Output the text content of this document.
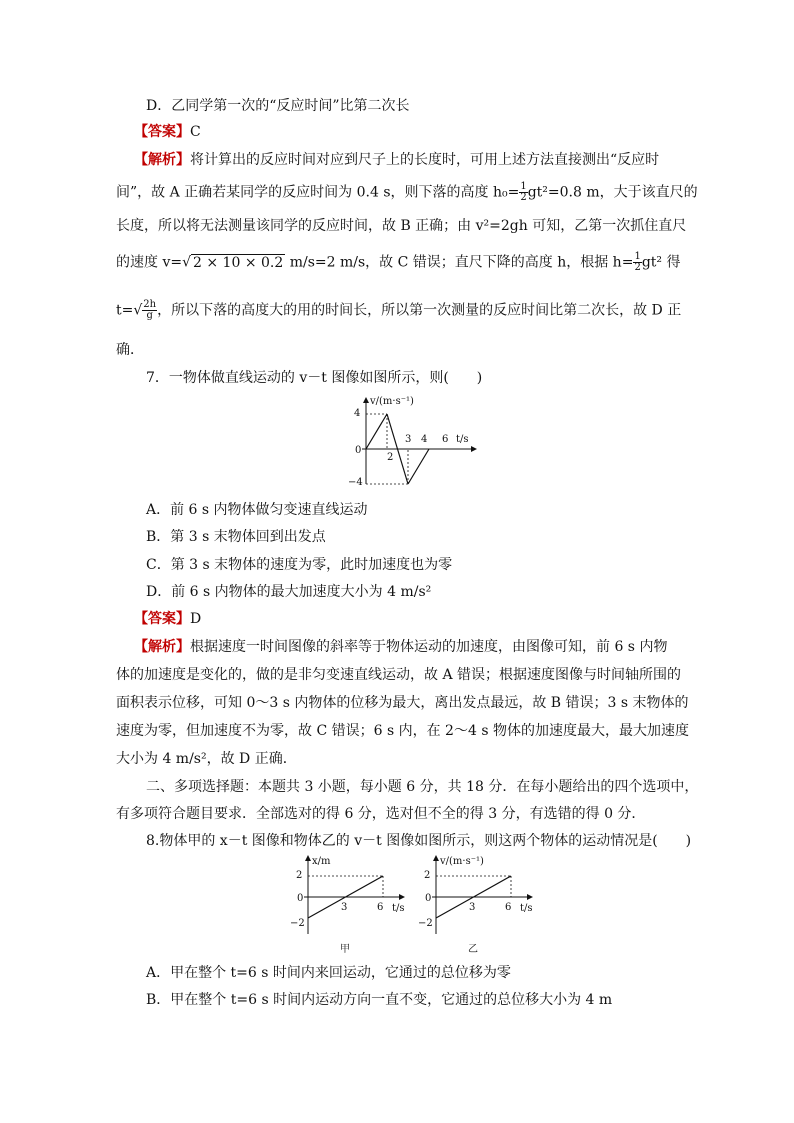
D．乙同学第一次的“反应时间”比第二次长
【答案】C
【解析】将计算出的反应时间对应到尺子上的长度时，可用上述方法直接测出“反应时
间”，故 A 正确若某同学的反应时间为 0.4 s，则下落的高度 $h_0= \frac{1}{2} gt^2=0.8$ m，大于该直尺的
长度，所以将无法测量该同学的反应时间，故 B 正确；由 v²=2gh 可知，乙第一次抓住直尺
的速度 v=√ 2 × 10 × 0.2 m/s=2 m/s，故 C 错误；直尺下降的高度 h，根据 $h= \frac{1}{2} gt^2$ 得
$t=√ \frac{2h}{g}$ ，所以下落的高度大的用的时间长，所以第一次测量的反应时间比第二次长，故 D 正
确．
7．一物体做直线运动的 v－t 图像如图所示，则(　　)
v/(m·s⁻¹)
t/s
4
−4
0
2
3 4 6
A．前 6 s 内物体做匀变速直线运动
B．第 3 s 末物体回到出发点
C．第 3 s 末物体的速度为零，此时加速度也为零
D．前 6 s 内物体的最大加速度大小为 4 m/s²
【答案】D
【解析】根据速度一时间图像的斜率等于物体运动的加速度，由图像可知，前 6 s 内物
体的加速度是变化的，做的是非匀变速直线运动，故 A 错误；根据速度图像与时间轴所围的
面积表示位移，可知 0～3 s 内物体的位移为最大，离出发点最远，故 B 错误；3 s 末物体的
速度为零，但加速度不为零，故 C 错误；6 s 内，在 2～4 s 物体的加速度最大，最大加速度
大小为 4 m/s²，故 D 正确．
二、多项选择题：本题共 3 小题，每小题 6 分，共 18 分．在每小题给出的四个选项中，
有多项符合题目要求．全部选对的得 6 分，选对但不全的得 3 分，有选错的得 0 分．
8.物体甲的 x－t 图像和物体乙的 v－t 图像如图所示，则这两个物体的运动情况是(　　)
x/m
t/s
2
−2
0
3	6
甲
v/(m·s⁻¹)
t/s
2
−2
0
3	6
乙
A．甲在整个 t=6 s 时间内来回运动，它通过的总位移为零
B．甲在整个 t=6 s 时间内运动方向一直不变，它通过的总位移大小为 4 m
